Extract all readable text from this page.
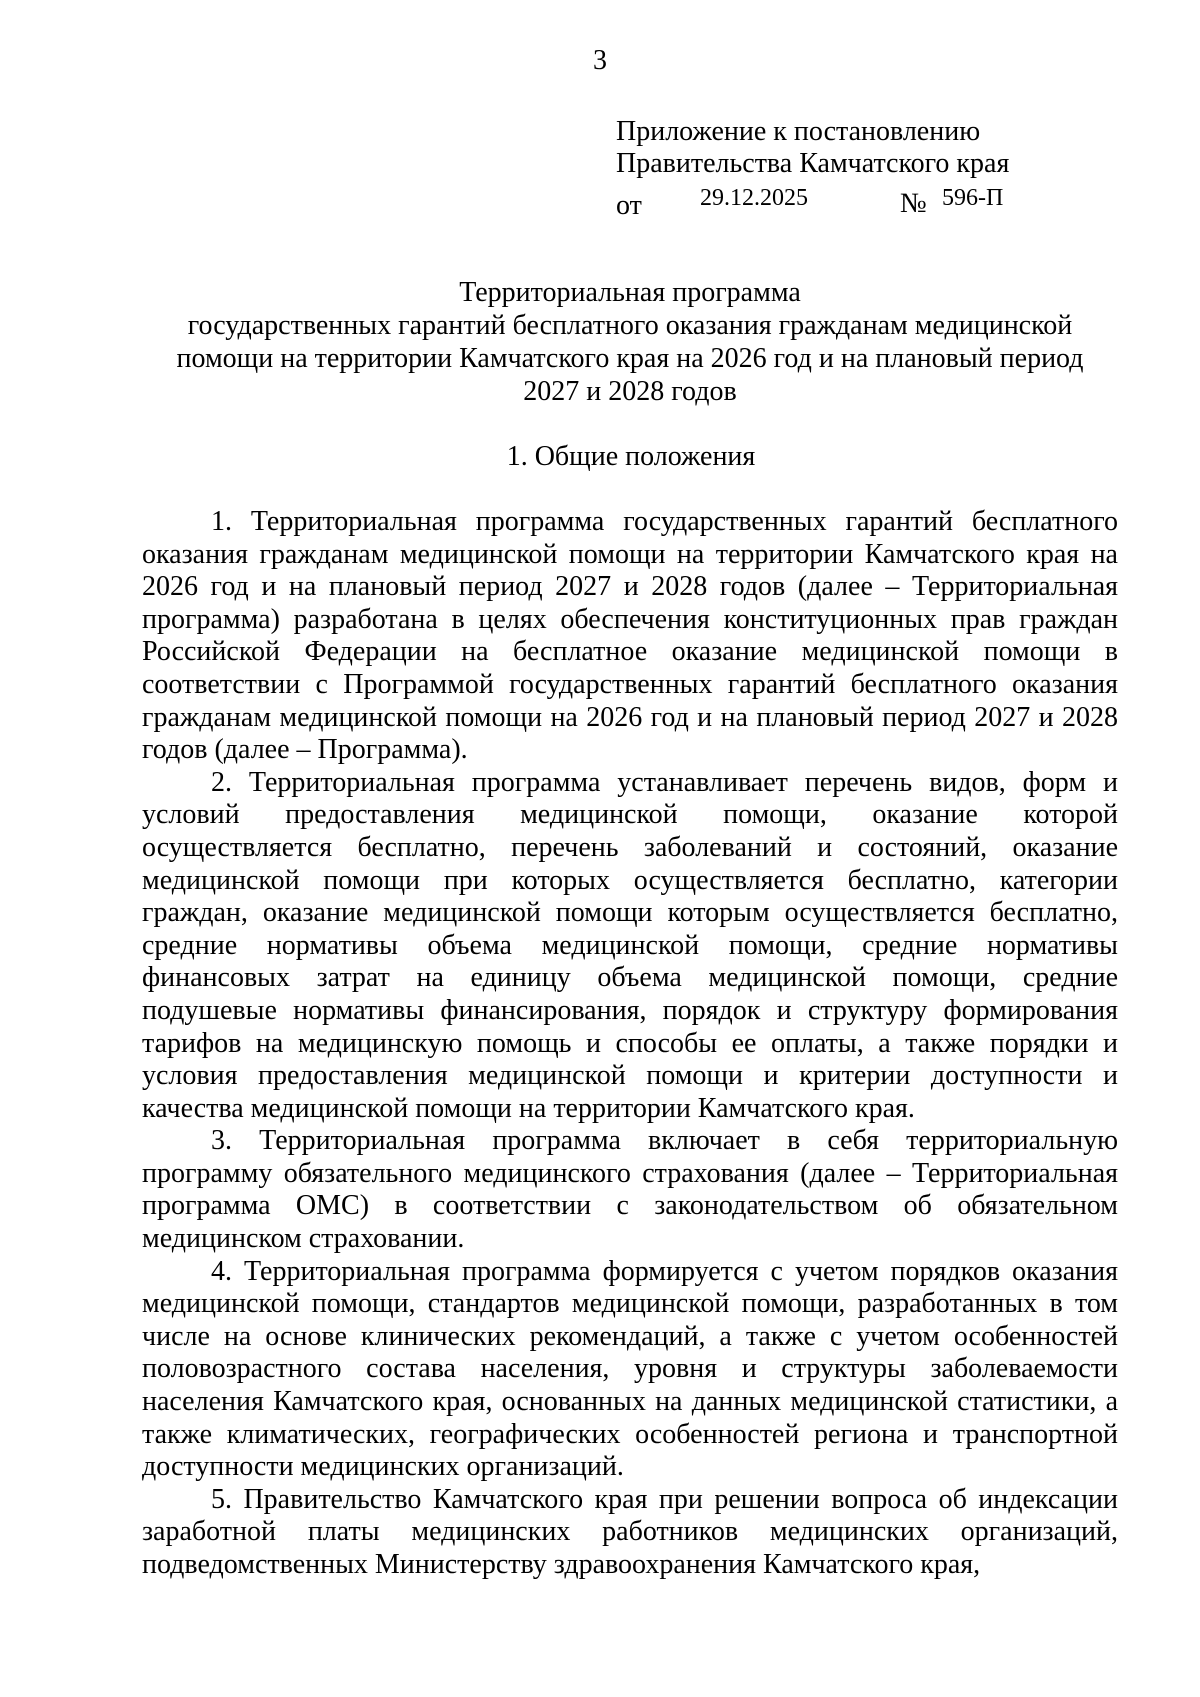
3
Приложение к постановлению
Правительства Камчатского края
от 29.12.2025	№ 596-П
Территориальная программа
государственных гарантий бесплатного оказания гражданам медицинской
помощи на территории Камчатского края на 2026 год и на плановый период
2027 и 2028 годов
1. Общие положения

1. Территориальная программа государственных гарантий бесплатного оказания гражданам медицинской помощи на территории Камчатского края на 2026 год и на плановый период 2027 и 2028 годов (далее – Территориальная программа) разработана в целях обеспечения конституционных прав граждан Российской Федерации на бесплатное оказание медицинской помощи в соответствии с Программой государственных гарантий бесплатного оказания гражданам медицинской помощи на 2026 год и на плановый период 2027 и 2028 годов (далее – Программа).

2. Территориальная программа устанавливает перечень видов, форм и условий предоставления медицинской помощи, оказание которой осуществляется бесплатно, перечень заболеваний и состояний, оказание медицинской помощи при которых осуществляется бесплатно, категории граждан, оказание медицинской помощи которым осуществляется бесплатно, средние нормативы объема медицинской помощи, средние нормативы финансовых затрат на единицу объема медицинской помощи, средние подушевые нормативы финансирования, порядок и структуру формирования тарифов на медицинскую помощь и способы ее оплаты, а также порядки и условия предоставления медицинской помощи и критерии доступности и качества медицинской помощи на территории Камчатского края.

3. Территориальная программа включает в себя территориальную программу обязательного медицинского страхования (далее – Территориальная программа ОМС) в соответствии с законодательством об обязательном медицинском страховании.

4. Территориальная программа формируется с учетом порядков оказания медицинской помощи, стандартов медицинской помощи, разработанных в том числе на основе клинических рекомендаций, а также с учетом особенностей половозрастного состава населения, уровня и структуры заболеваемости населения Камчатского края, основанных на данных медицинской статистики, а также климатических, географических особенностей региона и транспортной доступности медицинских организаций.

5. Правительство Камчатского края при решении вопроса об индексации заработной платы медицинских работников медицинских организаций, подведомственных Министерству здравоохранения Камчатского края,
